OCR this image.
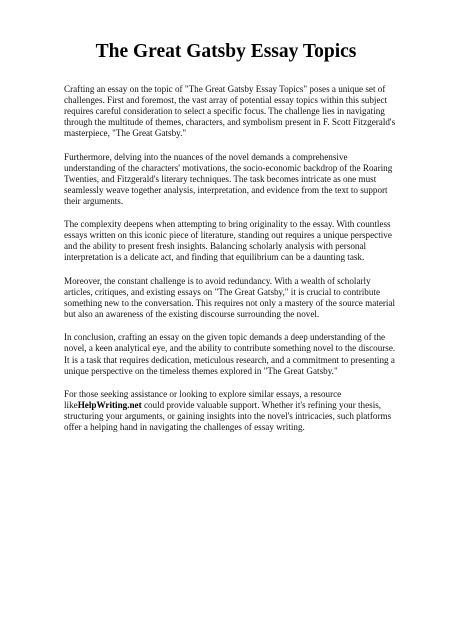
The Great Gatsby Essay Topics

Crafting an essay on the topic of "The Great Gatsby Essay Topics" poses a unique set of challenges. First and foremost, the vast array of potential essay topics within this subject requires careful consideration to select a specific focus. The challenge lies in navigating through the multitude of themes, characters, and symbolism present in F. Scott Fitzgerald's masterpiece, "The Great Gatsby."

Furthermore, delving into the nuances of the novel demands a comprehensive understanding of the characters' motivations, the socio-economic backdrop of the Roaring Twenties, and Fitzgerald's literary techniques. The task becomes intricate as one must seamlessly weave together analysis, interpretation, and evidence from the text to support their arguments.

The complexity deepens when attempting to bring originality to the essay. With countless essays written on this iconic piece of literature, standing out requires a unique perspective and the ability to present fresh insights. Balancing scholarly analysis with personal interpretation is a delicate act, and finding that equilibrium can be a daunting task.

Moreover, the constant challenge is to avoid redundancy. With a wealth of scholarly articles, critiques, and existing essays on "The Great Gatsby," it is crucial to contribute something new to the conversation. This requires not only a mastery of the source material but also an awareness of the existing discourse surrounding the novel.

In conclusion, crafting an essay on the given topic demands a deep understanding of the novel, a keen analytical eye, and the ability to contribute something novel to the discourse. It is a task that requires dedication, meticulous research, and a commitment to presenting a unique perspective on the timeless themes explored in "The Great Gatsby."

For those seeking assistance or looking to explore similar essays, a resource likeHelpWriting.net could provide valuable support. Whether it's refining your thesis, structuring your arguments, or gaining insights into the novel's intricacies, such platforms offer a helping hand in navigating the challenges of essay writing.
